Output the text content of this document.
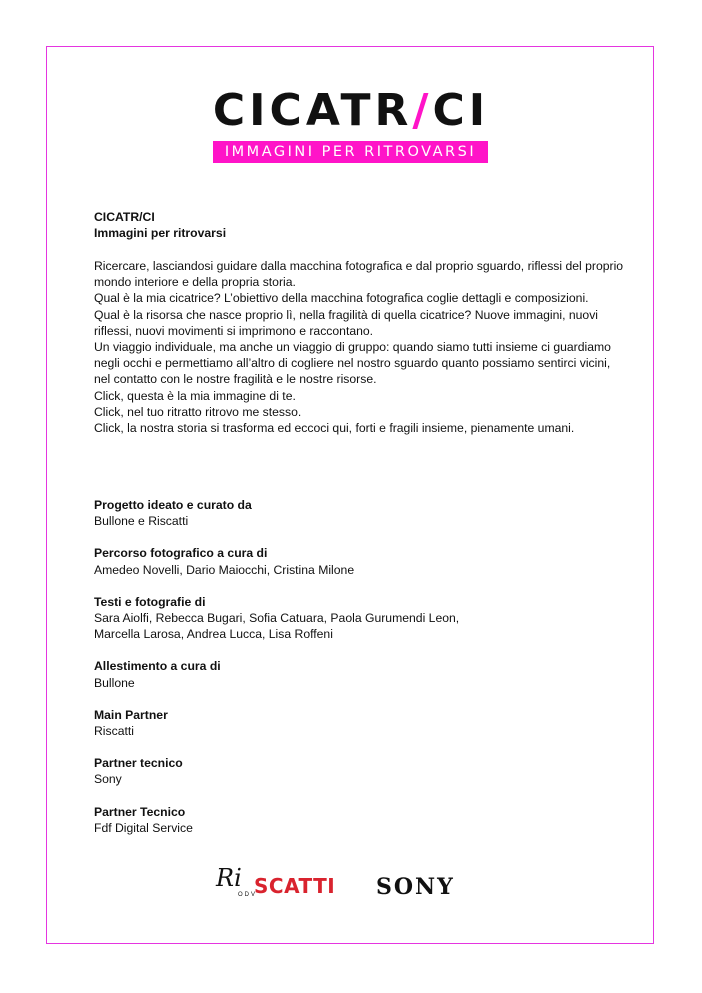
CICATR/CI
IMMAGINI PER RITROVARSI
CICATR/CI
Immagini per ritrovarsi

Ricercare, lasciandosi guidare dalla macchina fotografica e dal proprio sguardo, riflessi del proprio mondo interiore e della propria storia.

Qual è la mia cicatrice? L’obiettivo della macchina fotografica coglie dettagli e composizioni.

Qual è la risorsa che nasce proprio lì, nella fragilità di quella cicatrice? Nuove immagini, nuovi riflessi, nuovi movimenti si imprimono e raccontano.

Un viaggio individuale, ma anche un viaggio di gruppo: quando siamo tutti insieme ci guardiamo negli occhi e permettiamo all’altro di cogliere nel nostro sguardo quanto possiamo sentirci vicini, nel contatto con le nostre fragilità e le nostre risorse.

Click, questa è la mia immagine di te.

Click, nel tuo ritratto ritrovo me stesso.

Click, la nostra storia si trasforma ed eccoci qui, forti e fragili insieme, pienamente umani.

Progetto ideato e curato da
Bullone e Riscatti
Percorso fotografico a cura di
Amedeo Novelli, Dario Maiocchi, Cristina Milone
Testi e fotografie di
Sara Aiolfi, Rebecca Bugari, Sofia Catuara, Paola Gurumendi Leon,
Marcella Larosa, Andrea Lucca, Lisa Roffeni
Allestimento a cura di
Bullone
Main Partner
Riscatti
Partner tecnico
Sony
Partner Tecnico
Fdf Digital Service
Ri
ODV
SCATTI SONY
